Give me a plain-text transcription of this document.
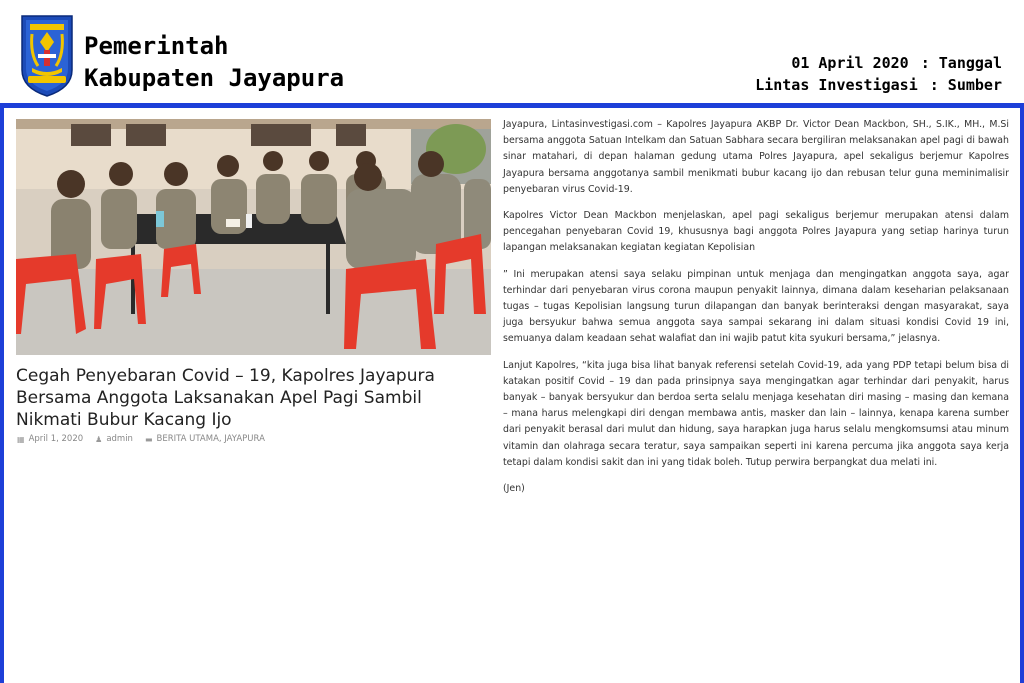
Pemerintah
Kabupaten Jayapura
01 April 2020 : Tanggal
Lintas Investigasi : Sumber
Cegah Penyebaran Covid – 19, Kapolres Jayapura Bersama Anggota Laksanakan Apel Pagi Sambil Nikmati Bubur Kacang Ijo
▦ April 1, 2020 ♟ admin ▬ BERITA UTAMA, JAYAPURA

Jayapura, Lintasinvestigasi.com – Kapolres Jayapura AKBP Dr. Victor Dean Mackbon, SH., S.IK., MH., M.Si bersama anggota Satuan Intelkam dan Satuan Sabhara secara bergiliran melaksanakan apel pagi di bawah sinar matahari, di depan halaman gedung utama Polres Jayapura, apel sekaligus berjemur Kapolres Jayapura bersama anggotanya sambil menikmati bubur kacang ijo dan rebusan telur guna meminimalisir penyebaran virus Covid-19.

Kapolres Victor Dean Mackbon menjelaskan, apel pagi sekaligus berjemur merupakan atensi dalam pencegahan penyebaran Covid 19, khususnya bagi anggota Polres Jayapura yang setiap harinya turun lapangan melaksanakan kegiatan kegiatan Kepolisian

” Ini merupakan atensi saya selaku pimpinan untuk menjaga dan mengingatkan anggota saya, agar terhindar dari penyebaran virus corona maupun penyakit lainnya, dimana dalam keseharian pelaksanaan tugas – tugas Kepolisian langsung turun dilapangan dan banyak berinteraksi dengan masyarakat, saya juga bersyukur bahwa semua anggota saya sampai sekarang ini dalam situasi kondisi Covid 19 ini, semuanya dalam keadaan sehat walafiat dan ini wajib patut kita syukuri bersama,” jelasnya.

Lanjut Kapolres, “kita juga bisa lihat banyak referensi setelah Covid-19, ada yang PDP tetapi belum bisa di katakan positif Covid – 19 dan pada prinsipnya saya mengingatkan agar terhindar dari penyakit, harus banyak – banyak bersyukur dan berdoa serta selalu menjaga kesehatan diri masing – masing dan kemana – mana harus melengkapi diri dengan membawa antis, masker dan lain – lainnya, kenapa karena sumber dari penyakit berasal dari mulut dan hidung, saya harapkan juga harus selalu mengkomsumsi atau minum vitamin dan olahraga secara teratur, saya sampaikan seperti ini karena percuma jika anggota saya kerja tetapi dalam kondisi sakit dan ini yang tidak boleh. Tutup perwira berpangkat dua melati ini.

(Jen)
